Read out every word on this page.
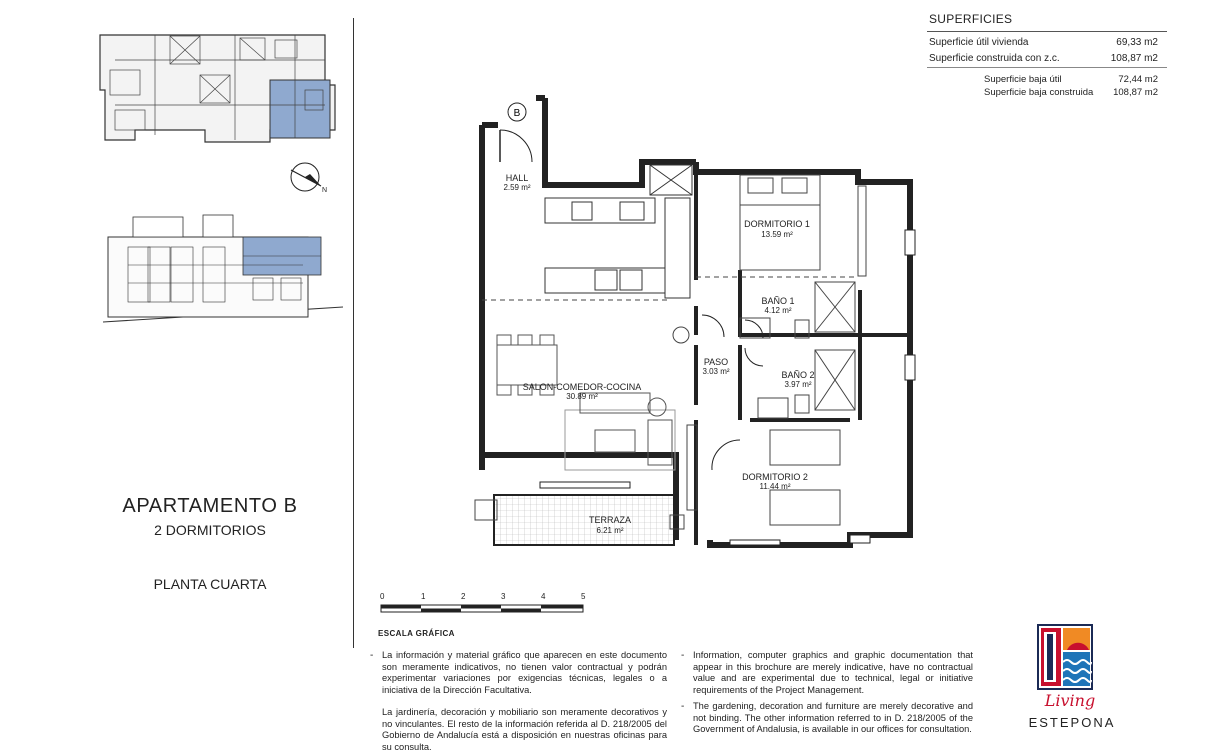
SUPERFICIES
Superficie útil vivienda	69,33 m2
Superficie construida con z.c.	108,87 m2
Superficie baja útil	72,44 m2
Superficie baja construida	108,87 m2
N
APARTAMENTO B
2 DORMITORIOS
PLANTA CUARTA
B
HALL
2.59 m²
DORMITORIO 1
13.59 m²
BAÑO 1
4.12 m²
PASO
3.03 m²	BAÑO 2
3.97 m²
SALON-COMEDOR-COCINA
30.89 m²
DORMITORIO 2
11.44 m²
TERRAZA
6.21 m²
0	1	2	3	4	5
ESCALA GRÁFICA
- La información y material gráfico que aparecen en este documento son meramente indicativos, no tienen valor contractual y podrán experimentar variaciones por exigencias técnicas, legales o a iniciativa de la Dirección Facultativa.
La jardinería, decoración y mobiliario son meramente decorativos y no vinculantes. El resto de la información referida al D. 218/2005 del Gobierno de Andalucía está a disposición en nuestras oficinas para su consulta.
- Information, computer graphics and graphic documentation that appear in this brochure are merely indicative, have no contractual value and are experimental due to technical, legal or initiative requirements of the Project Management.
- The gardening, decoration and furniture are merely decorative and not binding. The other information referred to in D. 218/2005 of the Government of Andalusia, is available in our offices for consultation.
Living
ESTEPONA
